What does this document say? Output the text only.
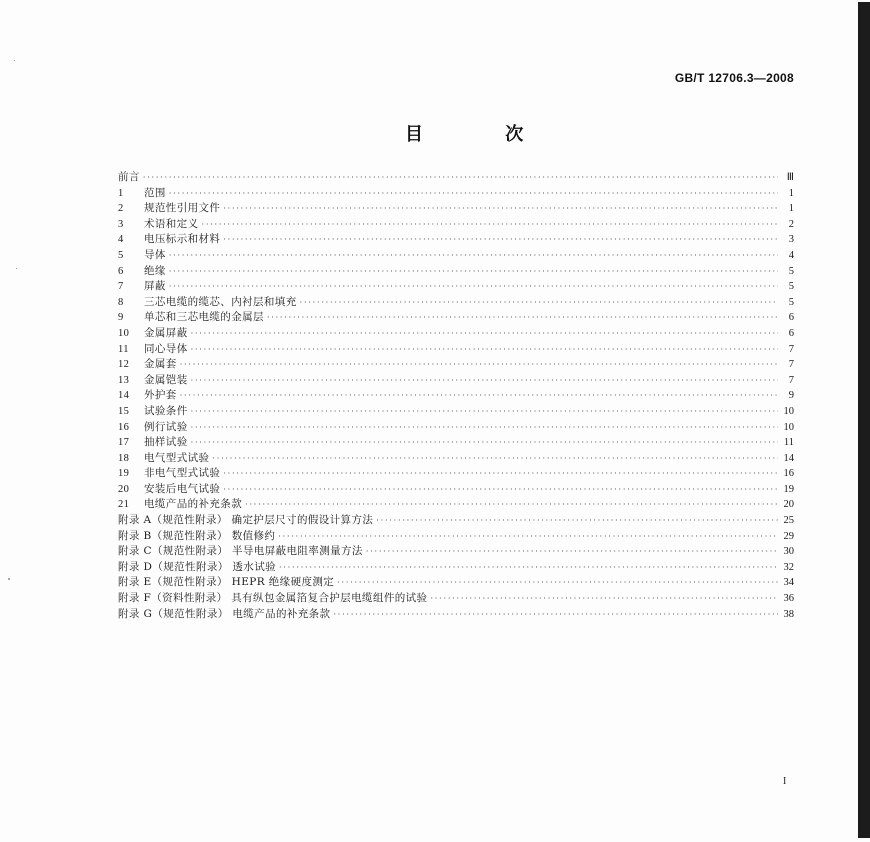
GB/T 12706.3—2008
目 次
前言 ·····	Ⅲ
1	范围 ·····	1
2	规范性引用文件 ·····	1
3	术语和定义 ·····	2
4	电压标示和材料 ·····	3
5	导体 ·····	4
6	绝缘 ·····	5
7	屏蔽 ·····	5
8	三芯电缆的缆芯、内衬层和填充 ·····	5
9	单芯和三芯电缆的金属层 ·····	6
10	金属屏蔽 ·····	6
11	同心导体 ·····	7
12	金属套 ·····	7
13	金属铠装 ·····	7
14	外护套 ·····	9
15	试验条件 ·····	10
16	例行试验 ·····	10
17	抽样试验 ·····	11
18	电气型式试验 ·····	14
19	非电气型式试验 ·····	16
20	安装后电气试验 ·····	19
21	电缆产品的补充条款 ·····	20
附录 A（规范性附录） 确定护层尺寸的假设计算方法 ·····	25
附录 B（规范性附录） 数值修约 ·····	29
附录 C（规范性附录） 半导电屏蔽电阻率测量方法 ·····	30
附录 D（规范性附录） 透水试验 ·····	32
附录 E（规范性附录） HEPR 绝缘硬度测定 ·····	34
附录 F（资料性附录） 具有纵包金属箔复合护层电缆组件的试验 ·····	36
附录 G（规范性附录） 电缆产品的补充条款 ·····	38
I
